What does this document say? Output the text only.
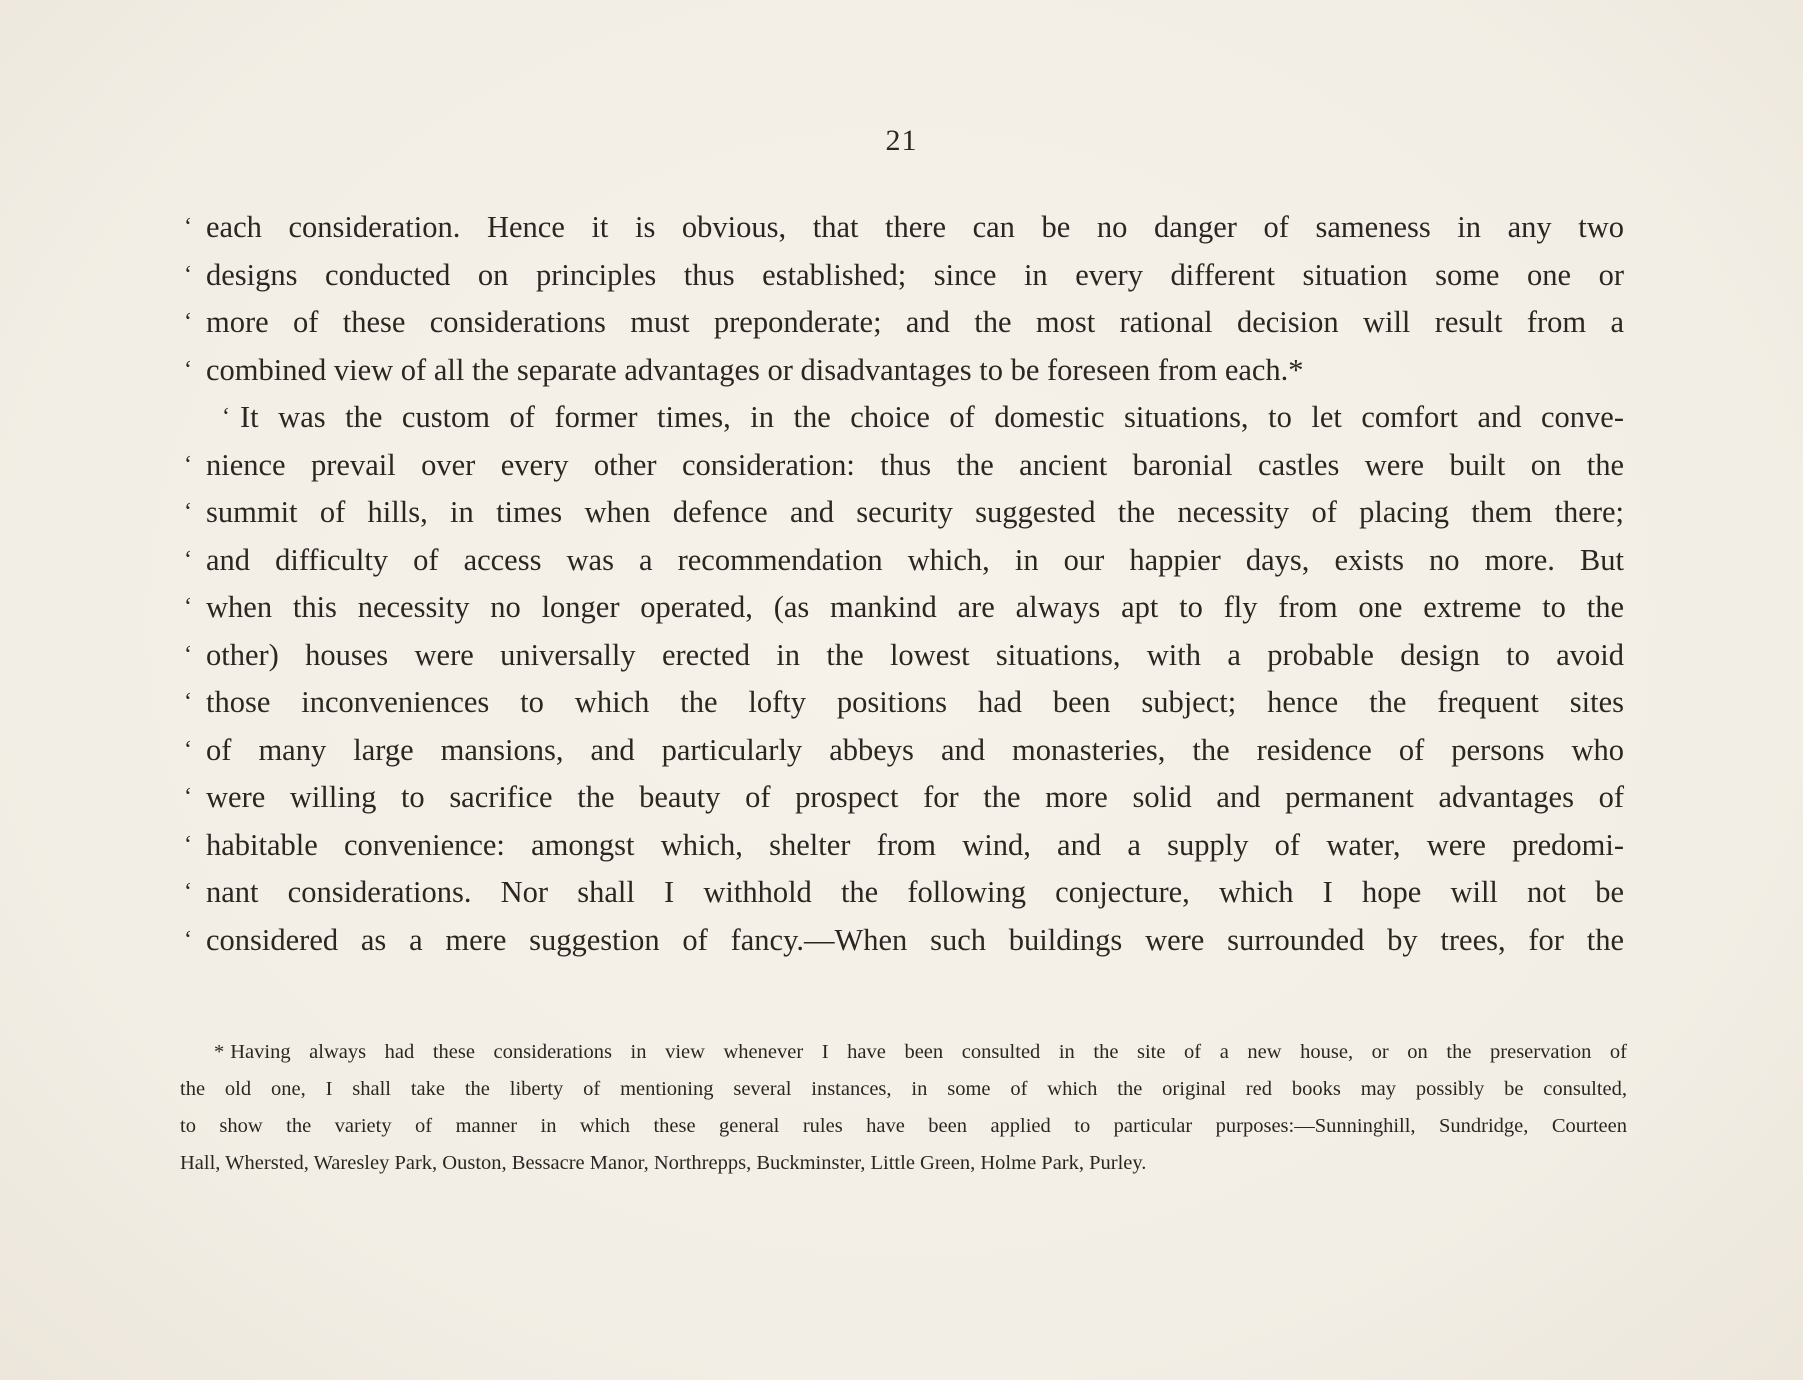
21
‘ each consideration. Hence it is obvious, that there can be no danger of sameness in any two
‘ designs conducted on principles thus established; since in every different situation some one or
‘ more of these considerations must preponderate; and the most rational decision will result from a
‘ combined view of all the separate advantages or disadvantages to be foreseen from each.*
‘ It was the custom of former times, in the choice of domestic situations, to let comfort and conve-
‘ nience prevail over every other consideration: thus the ancient baronial castles were built on the
‘ summit of hills, in times when defence and security suggested the necessity of placing them there;
‘ and difficulty of access was a recommendation which, in our happier days, exists no more. But
‘ when this necessity no longer operated, (as mankind are always apt to fly from one extreme to the
‘ other) houses were universally erected in the lowest situations, with a probable design to avoid
‘ those inconveniences to which the lofty positions had been subject; hence the frequent sites
‘ of many large mansions, and particularly abbeys and monasteries, the residence of persons who
‘ were willing to sacrifice the beauty of prospect for the more solid and permanent advantages of
‘ habitable convenience: amongst which, shelter from wind, and a supply of water, were predomi-
‘ nant considerations. Nor shall I withhold the following conjecture, which I hope will not be
‘ considered as a mere suggestion of fancy.—When such buildings were surrounded by trees, for the
* Having always had these considerations in view whenever I have been consulted in the site of a new house, or on the preservation of
the old one, I shall take the liberty of mentioning several instances, in some of which the original red books may possibly be consulted,
to show the variety of manner in which these general rules have been applied to particular purposes:—Sunninghill, Sundridge, Courteen
Hall, Whersted, Waresley Park, Ouston, Bessacre Manor, Northrepps, Buckminster, Little Green, Holme Park, Purley.
